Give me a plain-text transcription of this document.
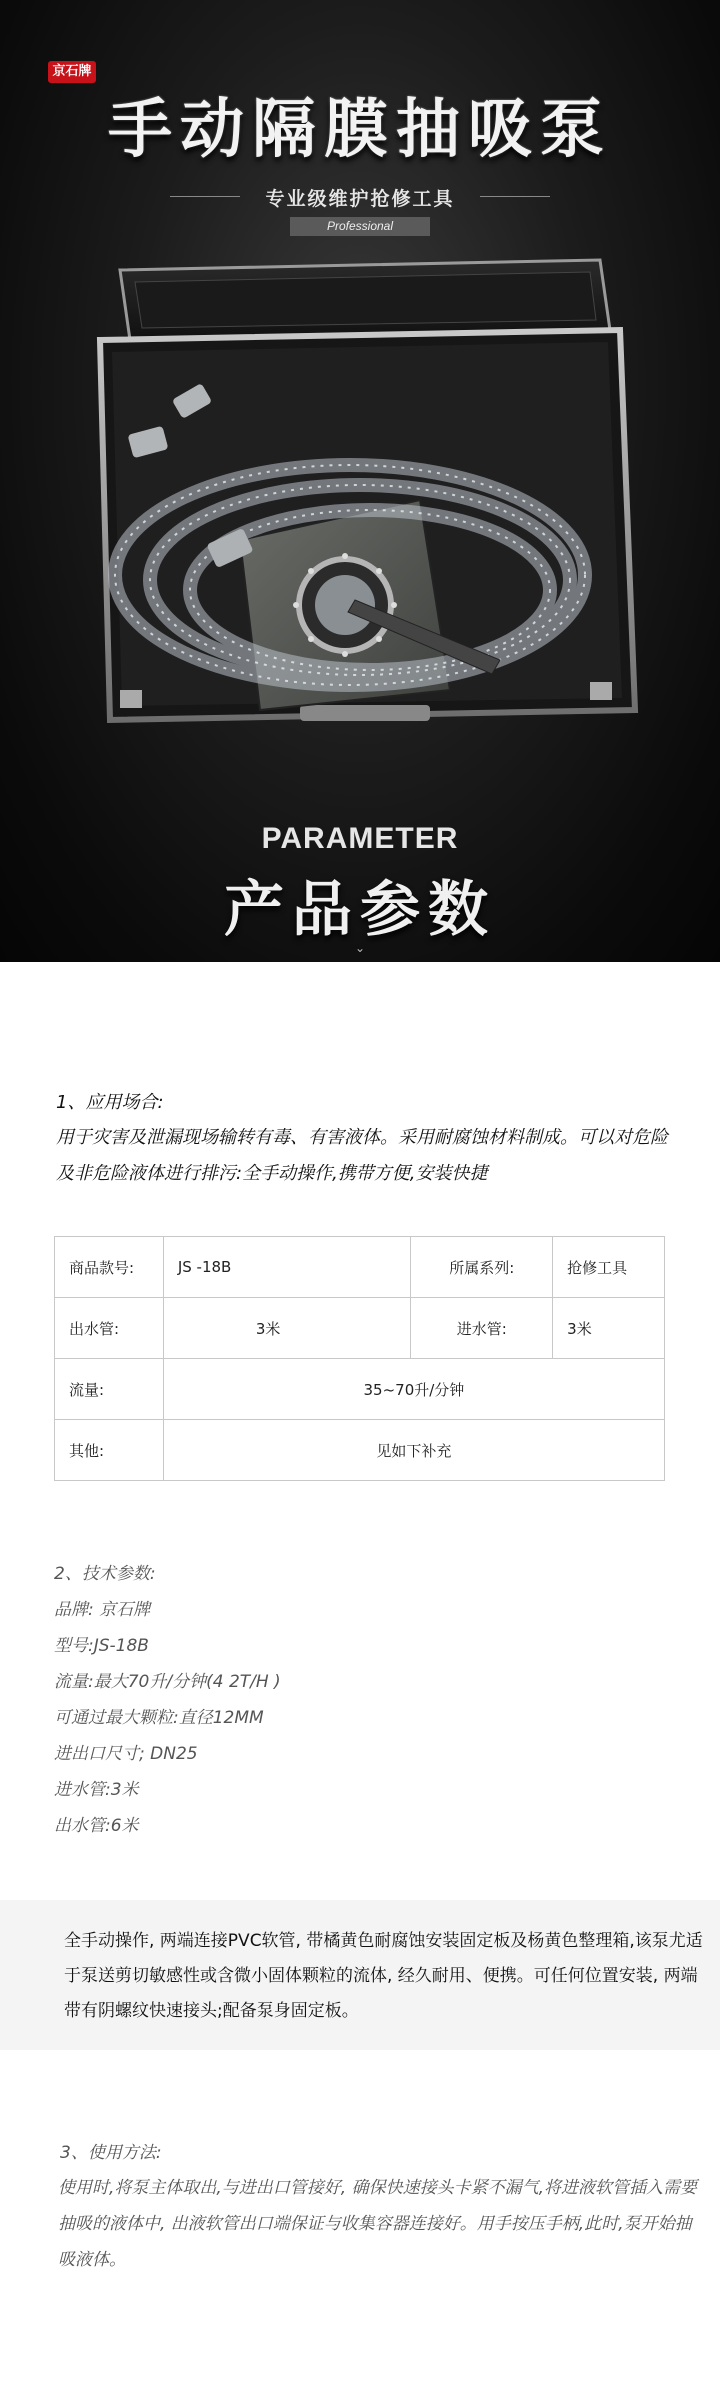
京石牌
手动隔膜抽吸泵
专业级维护抢修工具
Professional
PARAMETER
产品参数
⌄
1、应用场合:
用于灾害及泄漏现场输转有毒、有害液体。采用耐腐蚀材料制成。可以对危险及非危险液体进行排污:全手动操作,携带方便,安装快捷
商品款号:	JS -18B	所属系列:	抢修工具
出水管:	3米	进水管:	3米
流量:	35~70升/分钟		
其他:	见如下补充		
2、技术参数:
品牌: 京石牌
型号:JS-18B
流量:最大70升/分钟(4 2T/H )
可通过最大颗粒:直径12MM
进出口尺寸; DN25
进水管:3米
出水管:6米
全手动操作, 两端连接PVC软管, 带橘黄色耐腐蚀安装固定板及杨黄色整理箱,该泵尤适于泵送剪切敏感性或含微小固体颗粒的流体, 经久耐用、便携。可任何位置安装, 两端带有阴螺纹快速接头;配备泵身固定板。
3、使用方法:
使用时,将泵主体取出,与进出口管接好, 确保快速接头卡紧不漏气,将进液软管插入需要抽吸的液体中, 出液软管出口端保证与收集容器连接好。用手按压手柄,此时,泵开始抽吸液体。
